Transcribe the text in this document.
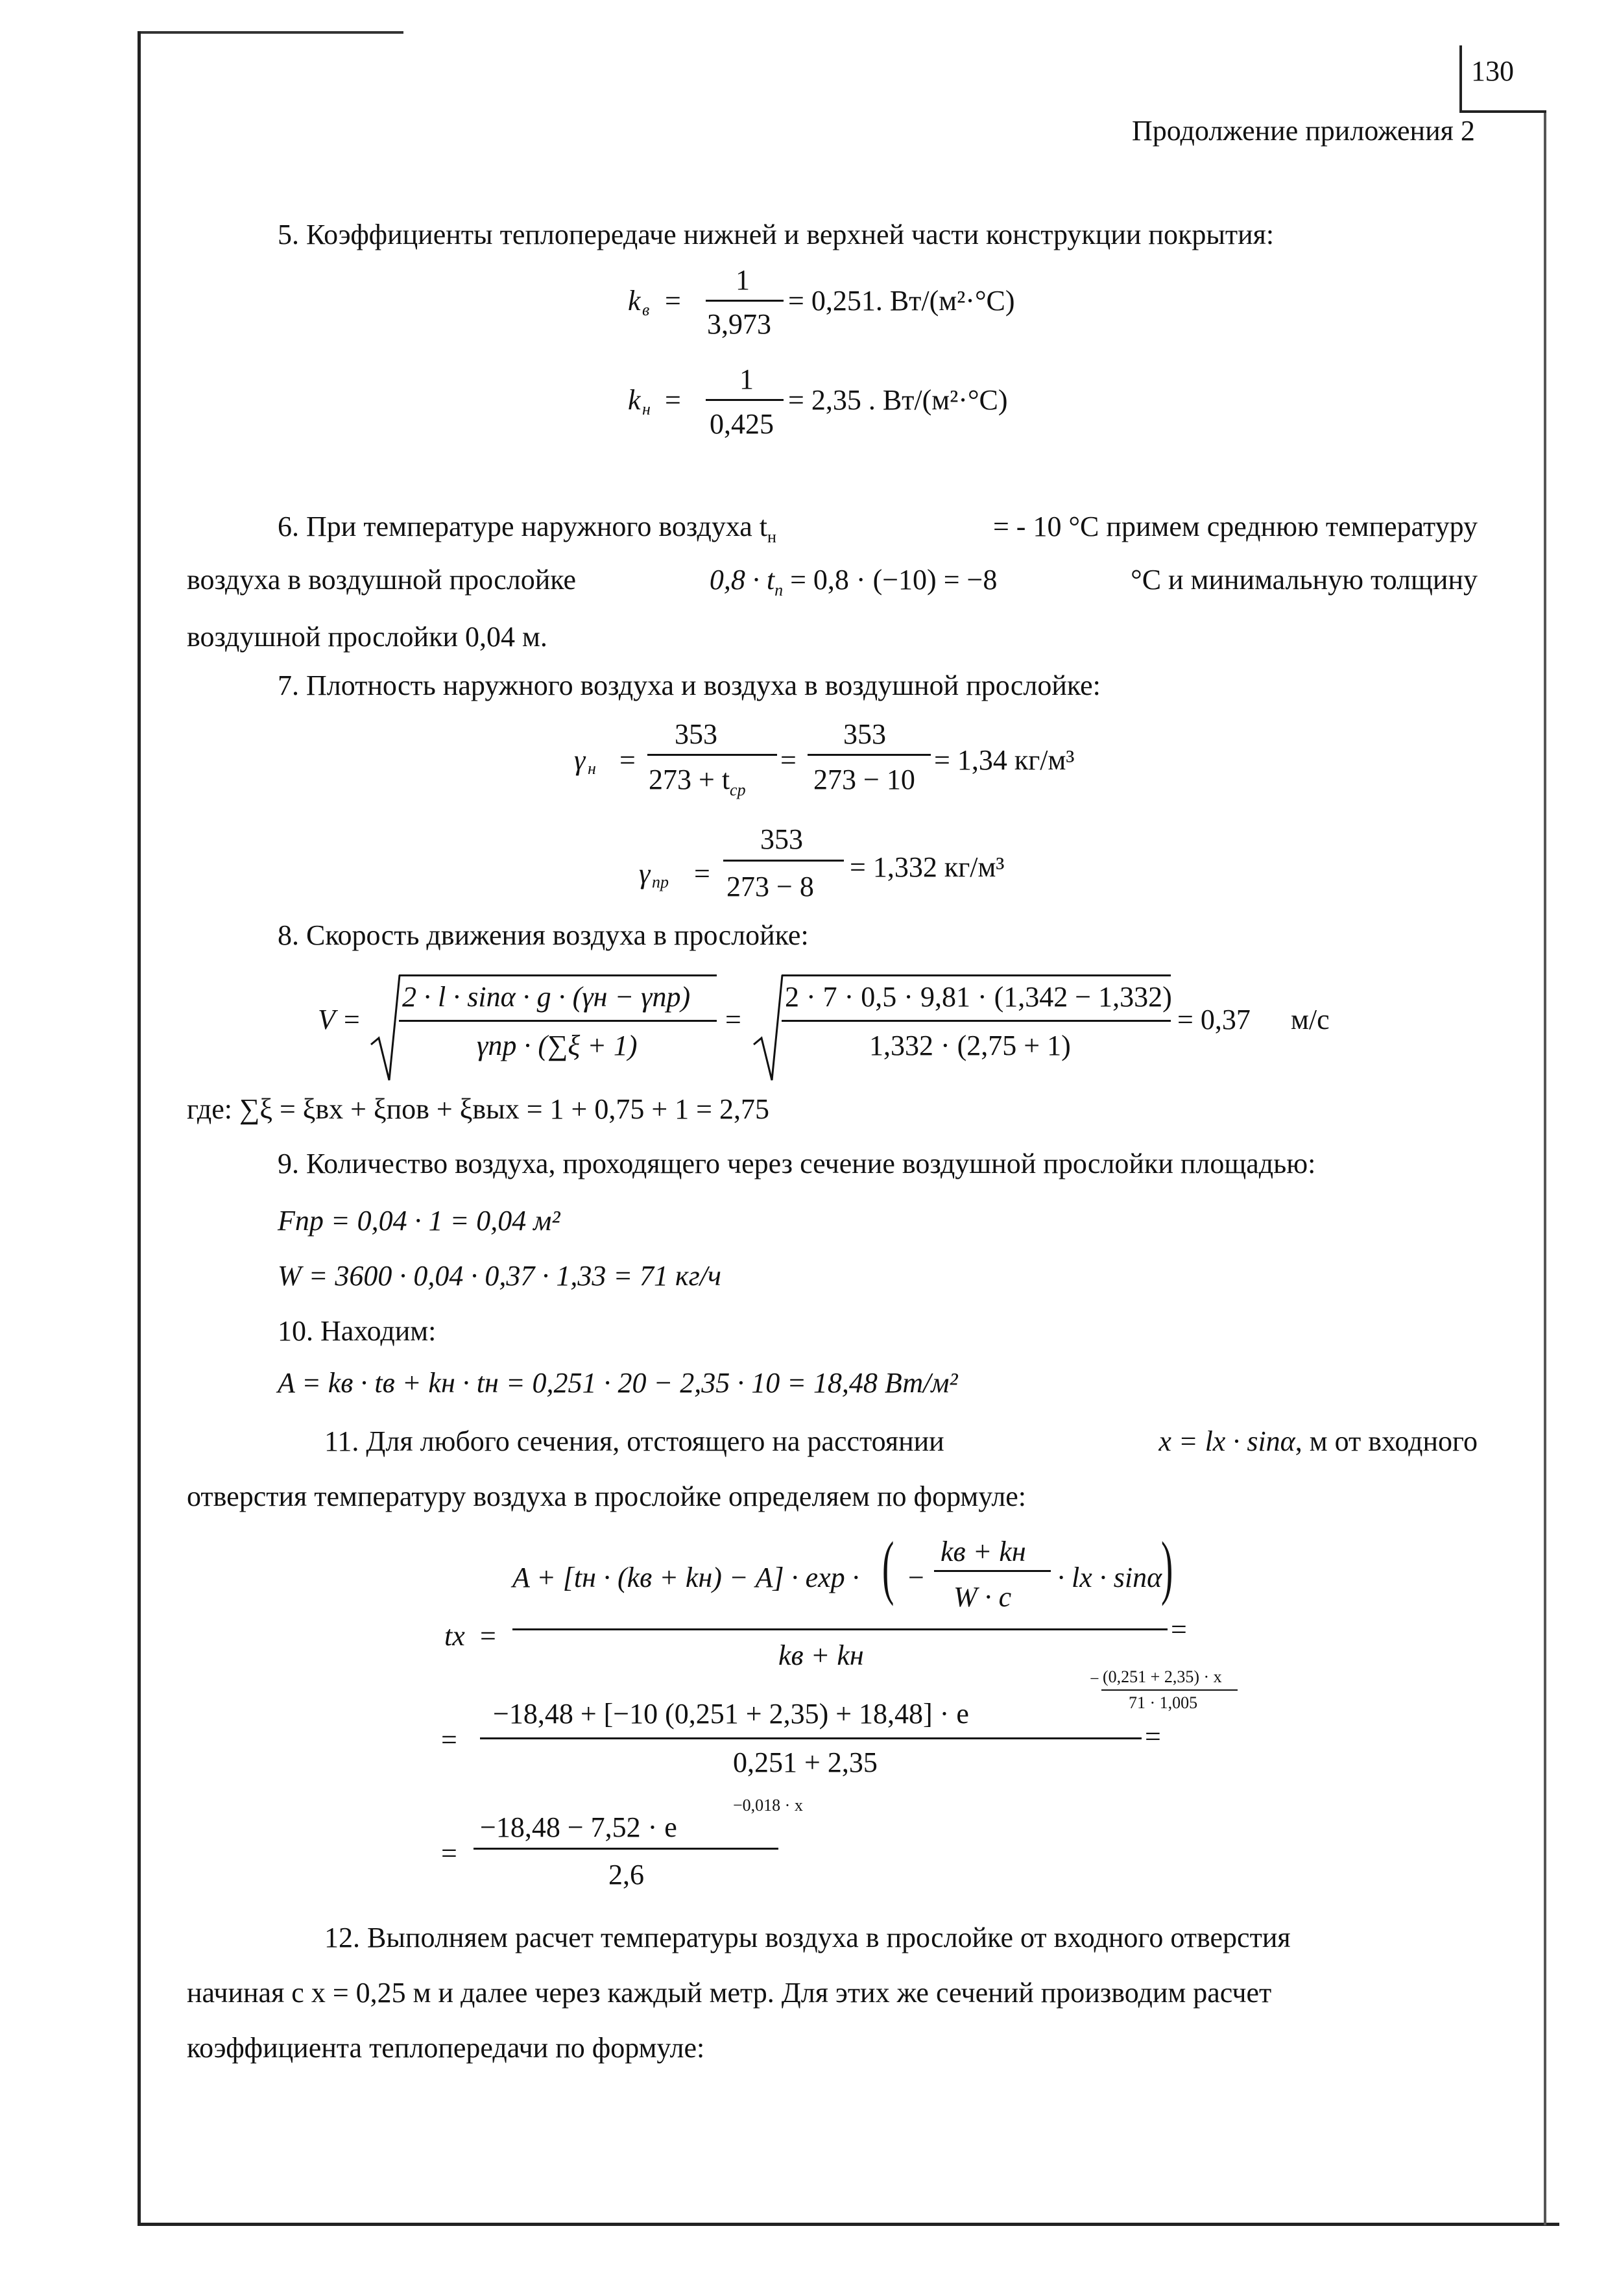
130
Продолжение приложения 2
5. Коэффициенты теплопередаче нижней и верхней части конструкции покрытия:
k в =
1
3,973
= 0,251. Вт/(м²·°С)
k н =
1
0,425
= 2,35 . Вт/(м²·°С)
6. При температуре наружного воздуха $t_н$	= - 10 °С примем среднюю температуру
воздуха в воздушной прослойке	$0,8 \cdot t_п = 0,8 \cdot (-10) = -8$	°С и минимальную толщину
воздушной прослойки 0,04 м.
7. Плотность наружного воздуха и воздуха в воздушной прослойке:
γ н =
353
$273 + t_{ср}$
=
353
273 − 10
= 1,34 кг/м³
γ пр =
353
273 − 8
= 1,332 кг/м³
8. Скорость движения воздуха в прослойке:
V =
2 · l · sinα · g · (γн − γпр)
γпр · (∑ξ + 1)
=
2 · 7 · 0,5 · 9,81 · (1,342 − 1,332)
1,332 · (2,75 + 1)
= 0,37 м/с
где: ∑ξ = ξвх + ξпов + ξвых = 1 + 0,75 + 1 = 2,75
9. Количество воздуха, проходящего через сечение воздушной прослойки площадью:
Fпр = 0,04 · 1 = 0,04 м²
W = 3600 · 0,04 · 0,37 · 1,33 = 71 кг/ч
10. Находим:
A = kв · tв + kн · tн = 0,251 · 20 − 2,35 · 10 = 18,48 Вт/м²
11. Для любого сечения, отстоящего на расстоянии	x = lx · sinα, м от входного
отверстия температуру воздуха в прослойке определяем по формуле:
tx =
A + [tн · (kв + kн) − A] · exp · ( −
kв + kн
W · c
· lx · sinα
)
kв + kн
=
=
− (0,251 + 2,35) · x
71 · 1,005
−18,48 + [−10 (0,251 + 2,35) + 18,48] · e
0,251 + 2,35
=
=
−18,48 − 7,52 · e
−0,018 · x
2,6
12. Выполняем расчет температуры воздуха в прослойке от входного отверстия
начиная с x = 0,25 м и далее через каждый метр. Для этих же сечений производим расчет
коэффициента теплопередачи по формуле:
